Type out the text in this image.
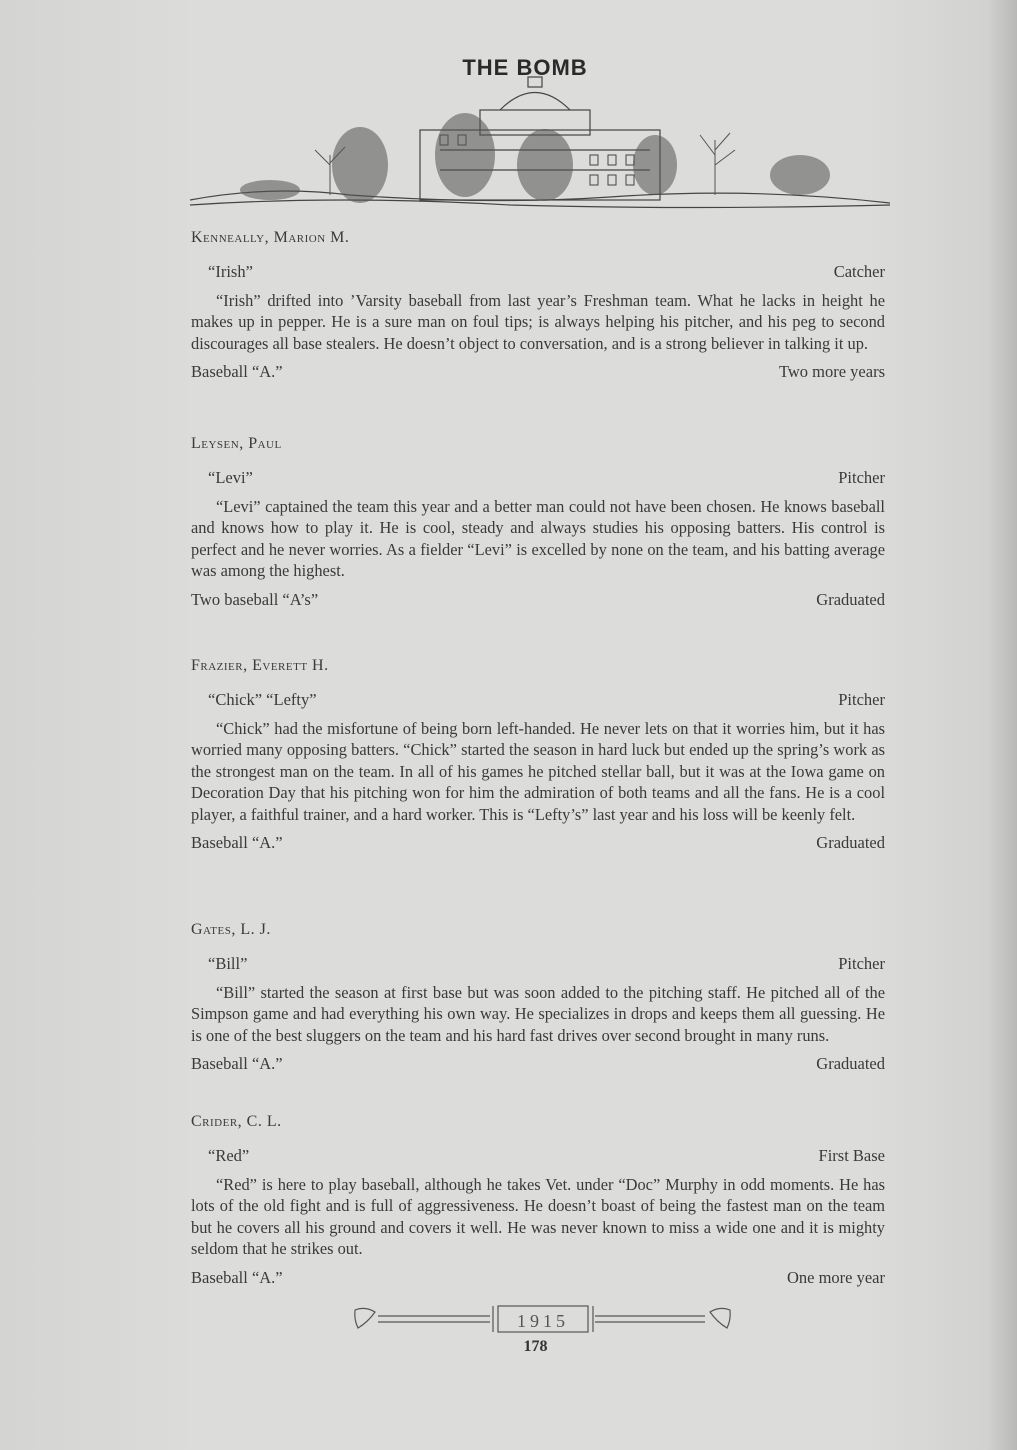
THE BOMB
Kenneally, Marion M.
“Irish”	Catcher

“Irish” drifted into ’Varsity baseball from last year’s Freshman team. What he lacks in height he makes up in pepper. He is a sure man on foul tips; is always helping his pitcher, and his peg to second discourages all base stealers. He doesn’t object to conversation, and is a strong believer in talking it up.

Baseball “A.”	Two more years
Leysen, Paul
“Levi”	Pitcher

“Levi” captained the team this year and a better man could not have been chosen. He knows baseball and knows how to play it. He is cool, steady and always studies his opposing batters. His control is perfect and he never worries. As a fielder “Levi” is excelled by none on the team, and his batting average was among the highest.

Two baseball “A’s”	Graduated
Frazier, Everett H.
“Chick” “Lefty”	Pitcher

“Chick” had the misfortune of being born left-handed. He never lets on that it worries him, but it has worried many opposing batters. “Chick” started the season in hard luck but ended up the spring’s work as the strongest man on the team. In all of his games he pitched stellar ball, but it was at the Iowa game on Decoration Day that his pitching won for him the admiration of both teams and all the fans. He is a cool player, a faithful trainer, and a hard worker. This is “Lefty’s” last year and his loss will be keenly felt.

Baseball “A.”	Graduated
Gates, L. J.
“Bill”	Pitcher

“Bill” started the season at first base but was soon added to the pitching staff. He pitched all of the Simpson game and had everything his own way. He specializes in drops and keeps them all guessing. He is one of the best sluggers on the team and his hard fast drives over second brought in many runs.

Baseball “A.”	Graduated
Crider, C. L.
“Red”	First Base

“Red” is here to play baseball, although he takes Vet. under “Doc” Murphy in odd moments. He has lots of the old fight and is full of aggressiveness. He doesn’t boast of being the fastest man on the team but he covers all his ground and covers it well. He was never known to miss a wide one and it is mighty seldom that he strikes out.

Baseball “A.”	One more year
1915
178
